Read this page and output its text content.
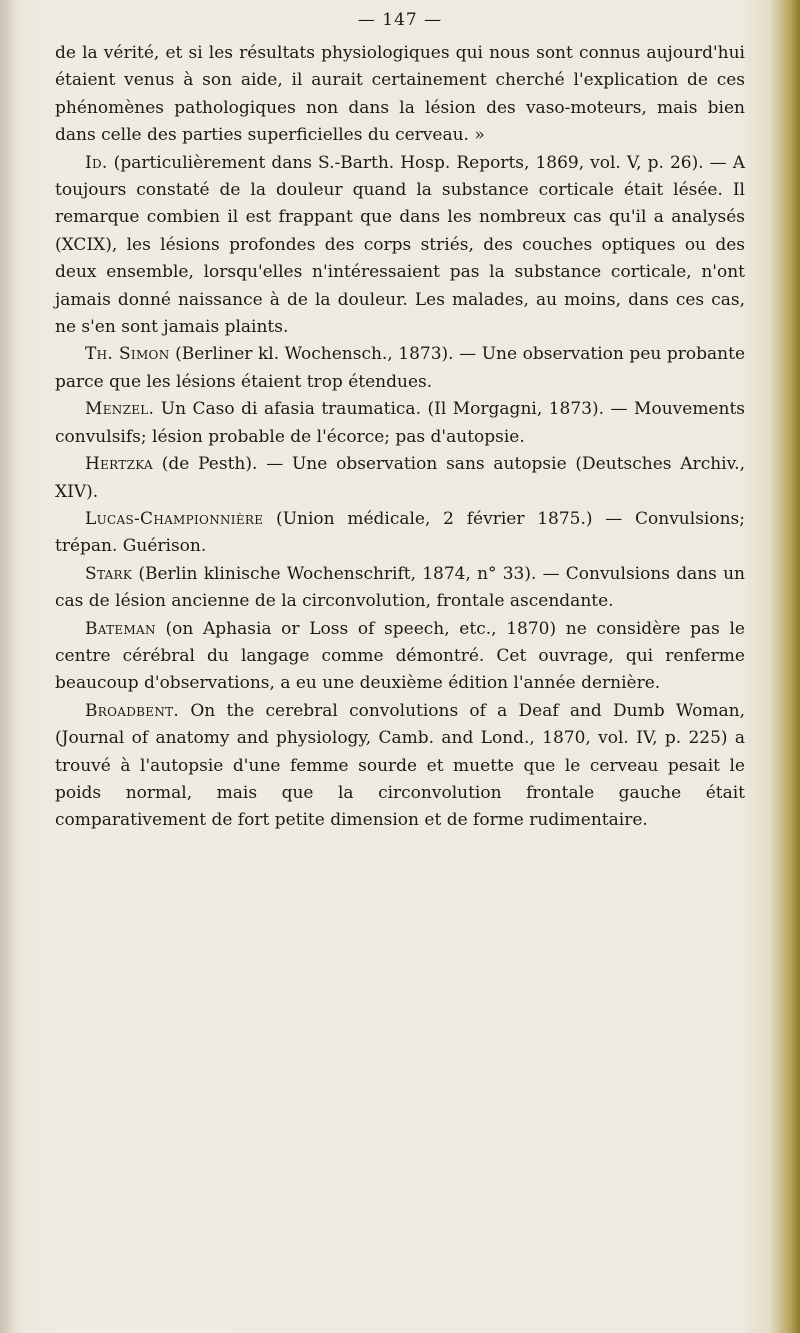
— 147 —

de la vérité, et si les résultats physiologiques qui nous sont connus aujourd'hui étaient venus à son aide, il aurait certainement cherché l'explication de ces phénomènes pathologiques non dans la lésion des vaso-moteurs, mais bien dans celle des parties superficielles du cerveau. »

Id. (particulièrement dans S.-Barth. Hosp. Reports, 1869, vol. V, p. 26). — A toujours constaté de la douleur quand la substance corticale était lésée. Il remarque combien il est frappant que dans les nombreux cas qu'il a analysés (XCIX), les lésions profondes des corps striés, des couches optiques ou des deux ensemble, lorsqu'elles n'intéressaient pas la substance corticale, n'ont jamais donné naissance à de la douleur. Les malades, au moins, dans ces cas, ne s'en sont jamais plaints.

Th. Simon (Berliner kl. Wochensch., 1873). — Une observation peu probante parce que les lésions étaient trop étendues.

Menzel. Un Caso di afasia traumatica. (Il Morgagni, 1873). — Mouvements convulsifs; lésion probable de l'écorce; pas d'autopsie.

Hertzka (de Pesth). — Une observation sans autopsie (Deutsches Archiv., XIV).

Lucas-Championnière (Union médicale, 2 février 1875.) — Convulsions; trépan. Guérison.

Stark (Berlin klinische Wochenschrift, 1874, n° 33). — Convulsions dans un cas de lésion ancienne de la circonvolution, frontale ascendante.

Bateman (on Aphasia or Loss of speech, etc., 1870) ne considère pas le centre cérébral du langage comme démontré. Cet ouvrage, qui renferme beaucoup d'observations, a eu une deuxième édition l'année dernière.

Broadbent. On the cerebral convolutions of a Deaf and Dumb Woman, (Journal of anatomy and physiology, Camb. and Lond., 1870, vol. IV, p. 225) a trouvé à l'autopsie d'une femme sourde et muette que le cerveau pesait le poids normal, mais que la circonvolution frontale gauche était comparativement de fort petite dimension et de forme rudimentaire.
